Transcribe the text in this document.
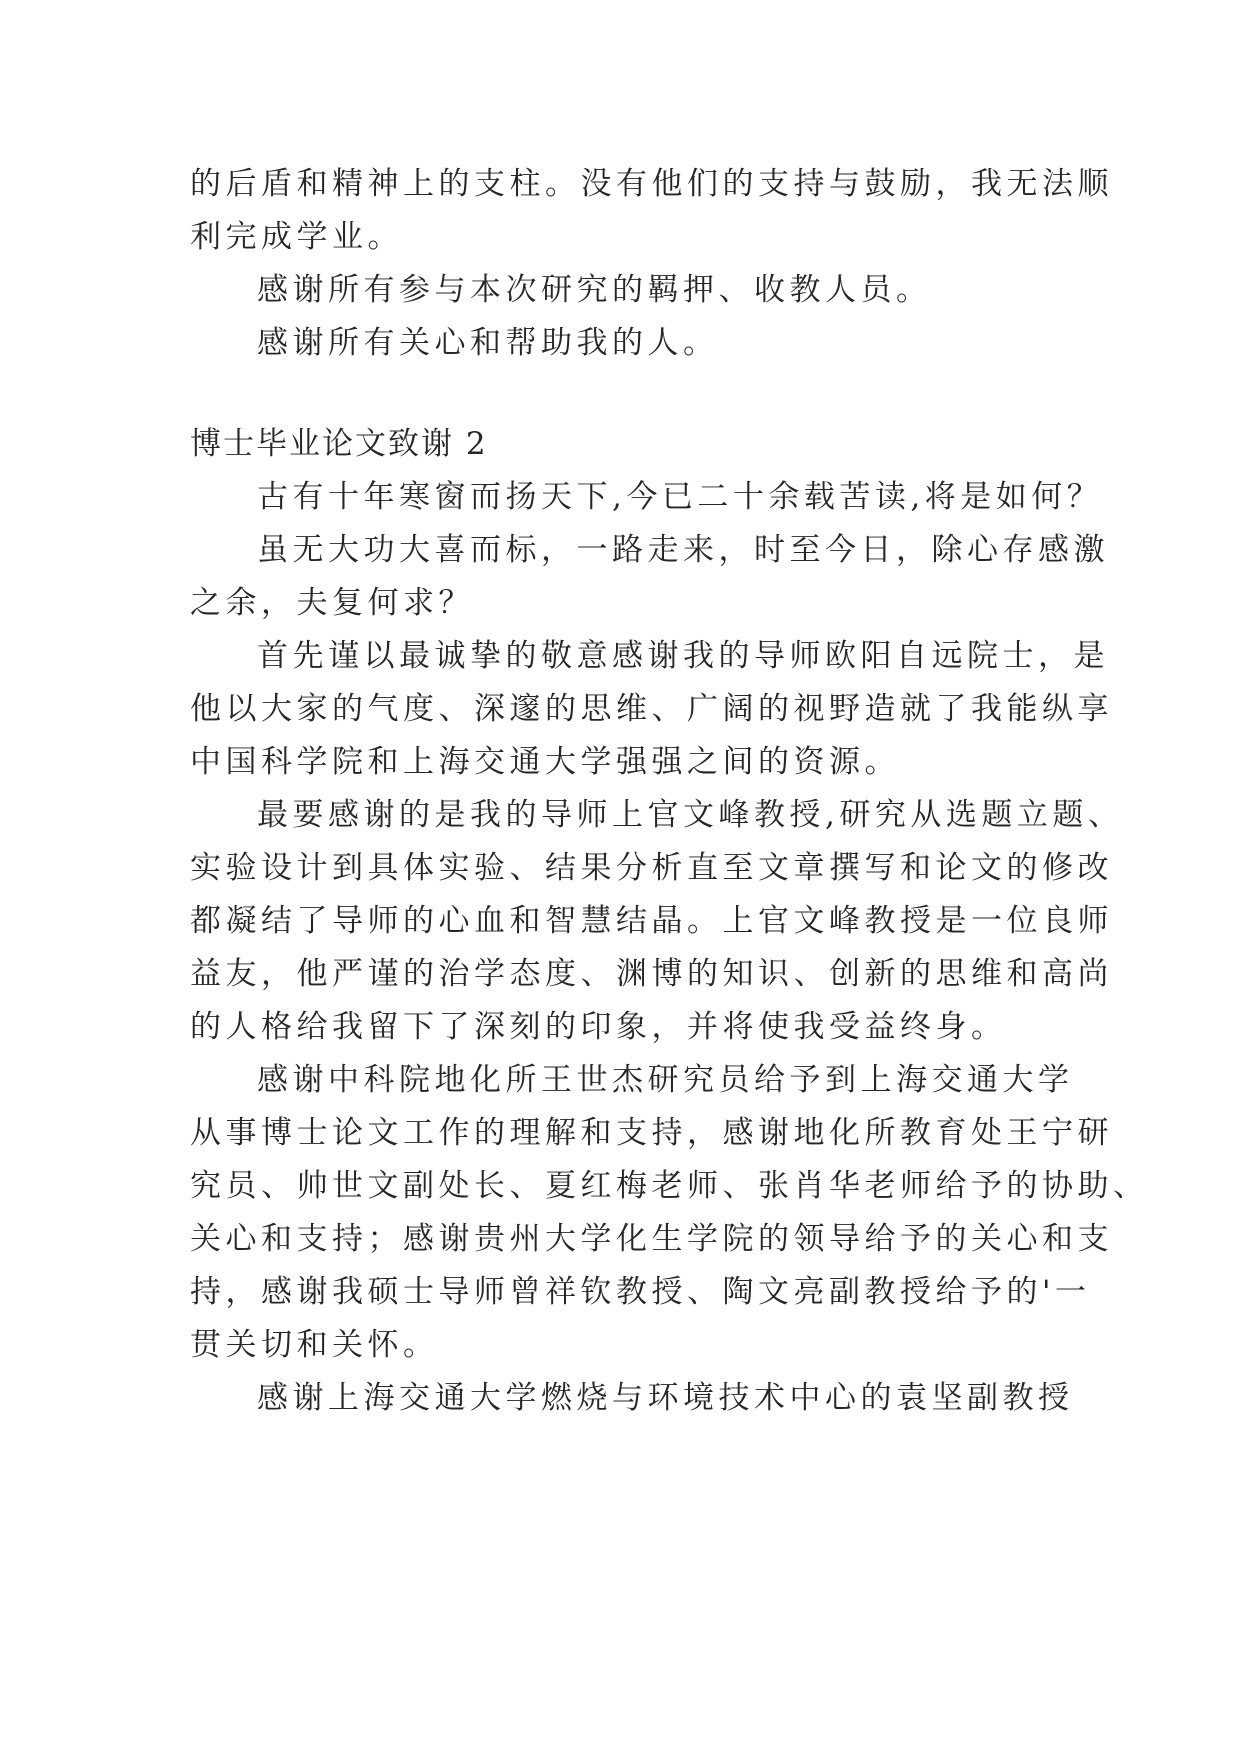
的后盾和精神上的支柱。没有他们的支持与鼓励，我无法顺
利完成学业。
感谢所有参与本次研究的羁押、收教人员。
感谢所有关心和帮助我的人。
博士毕业论文致谢 2
古有十年寒窗而扬天下,今已二十余载苦读,将是如何？
虽无大功大喜而标，一路走来，时至今日，除心存感激
之余，夫复何求？
首先谨以最诚挚的敬意感谢我的导师欧阳自远院士，是
他以大家的气度、深邃的思维、广阔的视野造就了我能纵享
中国科学院和上海交通大学强强之间的资源。
最要感谢的是我的导师上官文峰教授,研究从选题立题、
实验设计到具体实验、结果分析直至文章撰写和论文的修改
都凝结了导师的心血和智慧结晶。上官文峰教授是一位良师
益友，他严谨的治学态度、渊博的知识、创新的思维和高尚
的人格给我留下了深刻的印象，并将使我受益终身。
感谢中科院地化所王世杰研究员给予到上海交通大学
从事博士论文工作的理解和支持，感谢地化所教育处王宁研
究员、帅世文副处长、夏红梅老师、张肖华老师给予的协助、
关心和支持；感谢贵州大学化生学院的领导给予的关心和支
持，感谢我硕士导师曾祥钦教授、陶文亮副教授给予的'一
贯关切和关怀。
感谢上海交通大学燃烧与环境技术中心的袁坚副教授
